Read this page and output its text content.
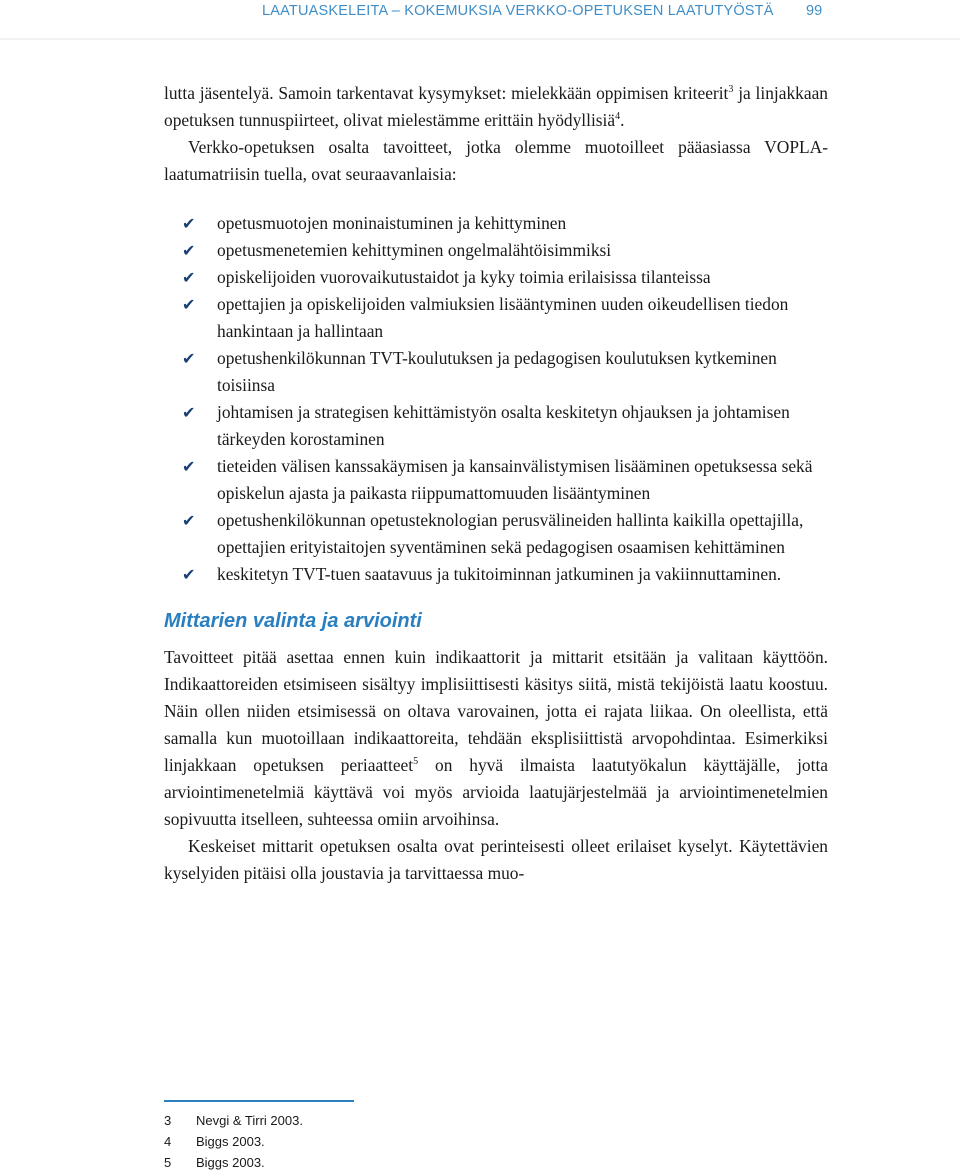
LAATUASKELEITA – KOKEMUKSIA VERKKO-OPETUKSEN LAATUTYÖSTÄ 99

lutta jäsentelyä. Samoin tarkentavat kysymykset: mielekkään oppimisen kriteerit$^3$ ja linjakkaan opetuksen tunnuspiirteet, olivat mielestämme erittäin hyödyllisiä$^4$.

Verkko-opetuksen osalta tavoitteet, jotka olemme muotoilleet pääasiassa VOPLA-laatumatriisin tuella, ovat seuraavanlaisia:

✔	opetusmuotojen moninaistuminen ja kehittyminen
✔	opetusmenetemien kehittyminen ongelmalähtöisimmiksi
✔	opiskelijoiden vuorovaikutustaidot ja kyky toimia erilaisissa tilanteissa
✔	opettajien ja opiskelijoiden valmiuksien lisääntyminen uuden oikeudellisen tiedon hankintaan ja hallintaan
✔	opetushenkilökunnan TVT-koulutuksen ja pedagogisen koulutuksen kytkeminen toisiinsa
✔	johtamisen ja strategisen kehittämistyön osalta keskitetyn ohjauksen ja johtamisen tärkeyden korostaminen
✔	tieteiden välisen kanssakäymisen ja kansainvälistymisen lisääminen opetuksessa sekä opiskelun ajasta ja paikasta riippumattomuuden lisääntyminen
✔	opetushenkilökunnan opetusteknologian perusvälineiden hallinta kaikilla opettajilla, opettajien erityistaitojen syventäminen sekä pedagogisen osaamisen kehittäminen
✔	keskitetyn TVT-tuen saatavuus ja tukitoiminnan jatkuminen ja vakiinnuttaminen.
Mittarien valinta ja arviointi

Tavoitteet pitää asettaa ennen kuin indikaattorit ja mittarit etsitään ja valitaan käyttöön. Indikaattoreiden etsimiseen sisältyy implisiittisesti käsitys siitä, mistä tekijöistä laatu koostuu. Näin ollen niiden etsimisessä on oltava varovainen, jotta ei rajata liikaa. On oleellista, että samalla kun muotoillaan indikaattoreita, tehdään eksplisiittistä arvopohdintaa. Esimerkiksi linjakkaan opetuksen periaatteet$^5$ on hyvä ilmaista laatutyökalun käyttäjälle, jotta arviointimenetelmiä käyttävä voi myös arvioida laatujärjestelmää ja arviointimenetelmien sopivuutta itselleen, suhteessa omiin arvoihinsa.

Keskeiset mittarit opetuksen osalta ovat perinteisesti olleet erilaiset kyselyt. Käytettävien kyselyiden pitäisi olla joustavia ja tarvittaessa muo-

3	Nevgi & Tirri 2003.
4	Biggs 2003.
5	Biggs 2003.
